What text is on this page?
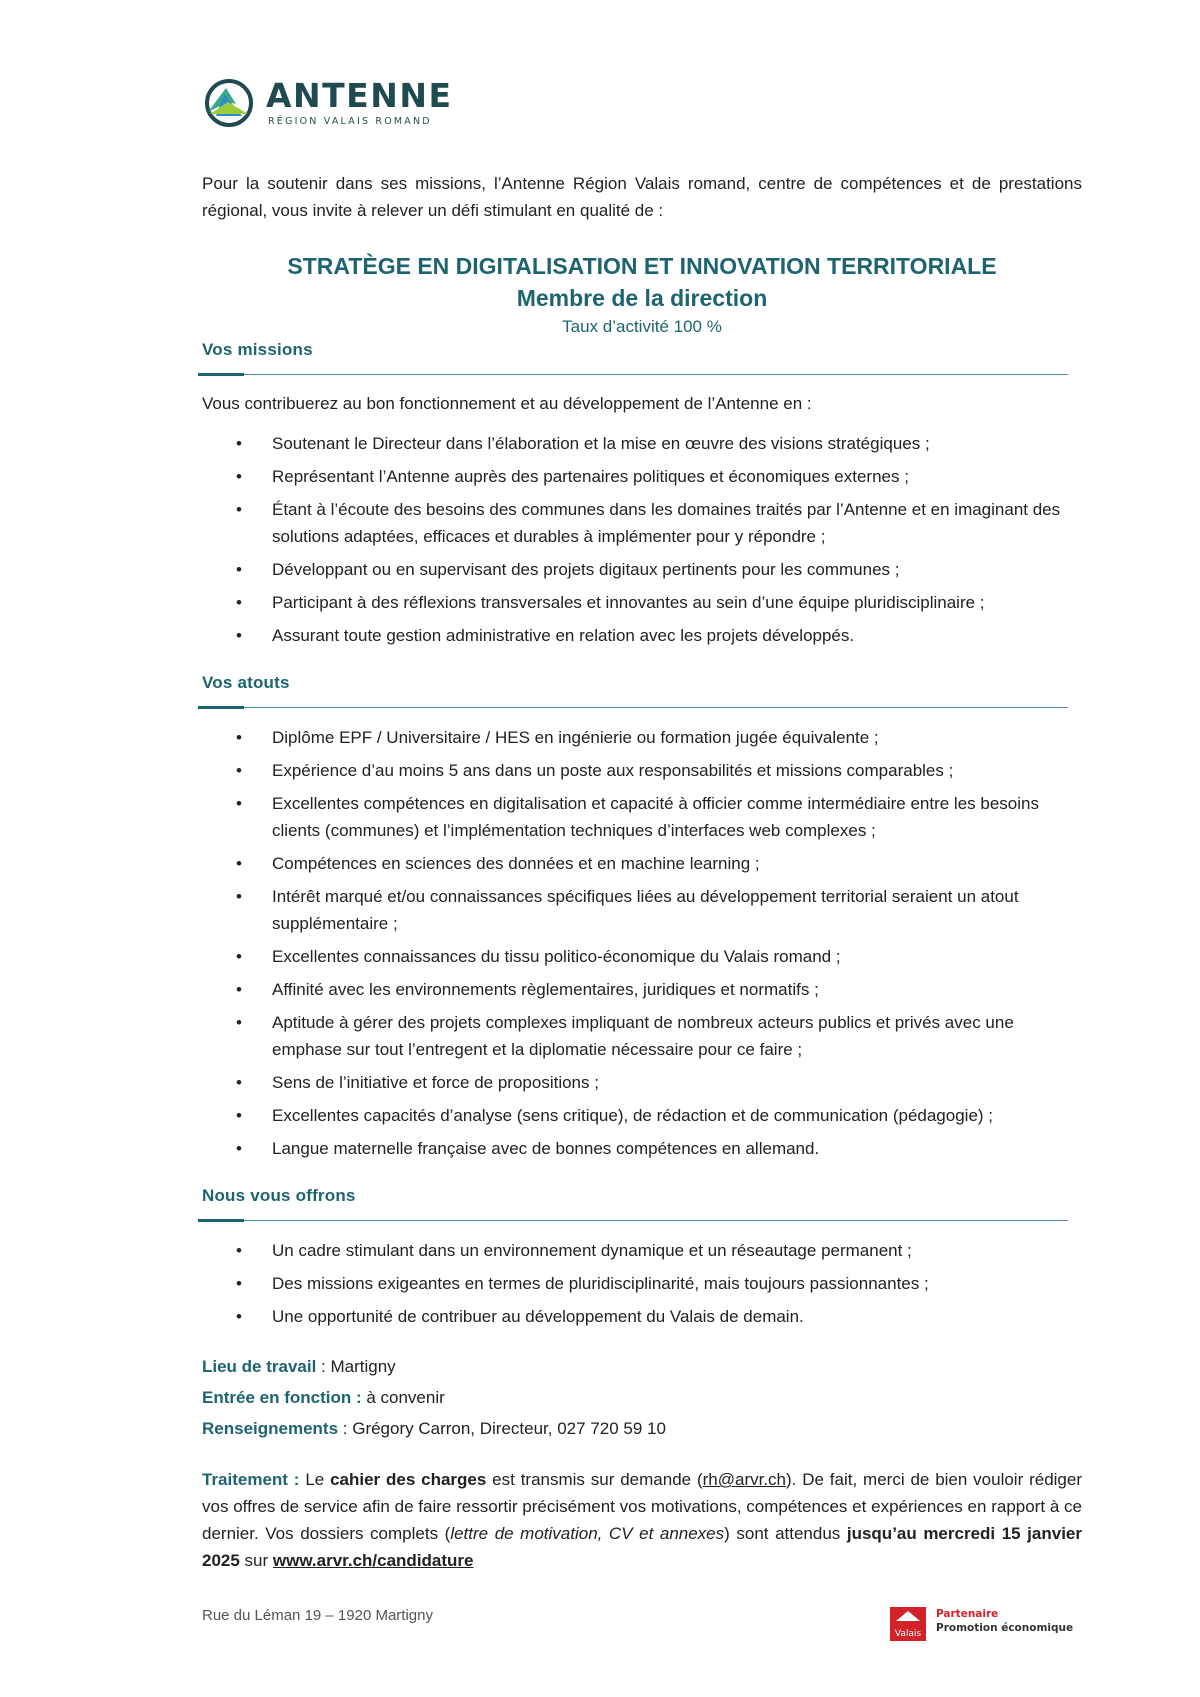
ANTENNE
RÉGION VALAIS ROMAND
Pour la soutenir dans ses missions, l’Antenne Région Valais romand, centre de compétences et de prestations régional, vous invite à relever un défi stimulant en qualité de :
STRATÈGE EN DIGITALISATION ET INNOVATION TERRITORIALE
Membre de la direction
Taux d’activité 100 %
Vos missions
Vous contribuerez au bon fonctionnement et au développement de l’Antenne en :
• Soutenant le Directeur dans l’élaboration et la mise en œuvre des visions stratégiques ;
• Représentant l’Antenne auprès des partenaires politiques et économiques externes ;
• Étant à l’écoute des besoins des communes dans les domaines traités par l’Antenne et en imaginant des solutions adaptées, efficaces et durables à implémenter pour y répondre ;
• Développant ou en supervisant des projets digitaux pertinents pour les communes ;
• Participant à des réflexions transversales et innovantes au sein d’une équipe pluridisciplinaire ;
• Assurant toute gestion administrative en relation avec les projets développés.
Vos atouts
• Diplôme EPF / Universitaire / HES en ingénierie ou formation jugée équivalente ;
• Expérience d’au moins 5 ans dans un poste aux responsabilités et missions comparables ;
• Excellentes compétences en digitalisation et capacité à officier comme intermédiaire entre les besoins clients (communes) et l’implémentation techniques d’interfaces web complexes ;
• Compétences en sciences des données et en machine learning ;
• Intérêt marqué et/ou connaissances spécifiques liées au développement territorial seraient un atout supplémentaire ;
• Excellentes connaissances du tissu politico-économique du Valais romand ;
• Affinité avec les environnements règlementaires, juridiques et normatifs ;
• Aptitude à gérer des projets complexes impliquant de nombreux acteurs publics et privés avec une emphase sur tout l’entregent et la diplomatie nécessaire pour ce faire ;
• Sens de l’initiative et force de propositions ;
• Excellentes capacités d’analyse (sens critique), de rédaction et de communication (pédagogie) ;
• Langue maternelle française avec de bonnes compétences en allemand.
Nous vous offrons
• Un cadre stimulant dans un environnement dynamique et un réseautage permanent ;
• Des missions exigeantes en termes de pluridisciplinarité, mais toujours passionnantes ;
• Une opportunité de contribuer au développement du Valais de demain.
Lieu de travail : Martigny
Entrée en fonction : à convenir
Renseignements : Grégory Carron, Directeur, 027 720 59 10
Traitement : Le cahier des charges est transmis sur demande (rh@arvr.ch). De fait, merci de bien vouloir rédiger vos offres de service afin de faire ressortir précisément vos motivations, compétences et expériences en rapport à ce dernier. Vos dossiers complets (lettre de motivation, CV et annexes) sont attendus jusqu’au mercredi 15 janvier 2025 sur www.arvr.ch/candidature
Rue du Léman 19 – 1920 Martigny
Valais
Partenaire
Promotion économique
